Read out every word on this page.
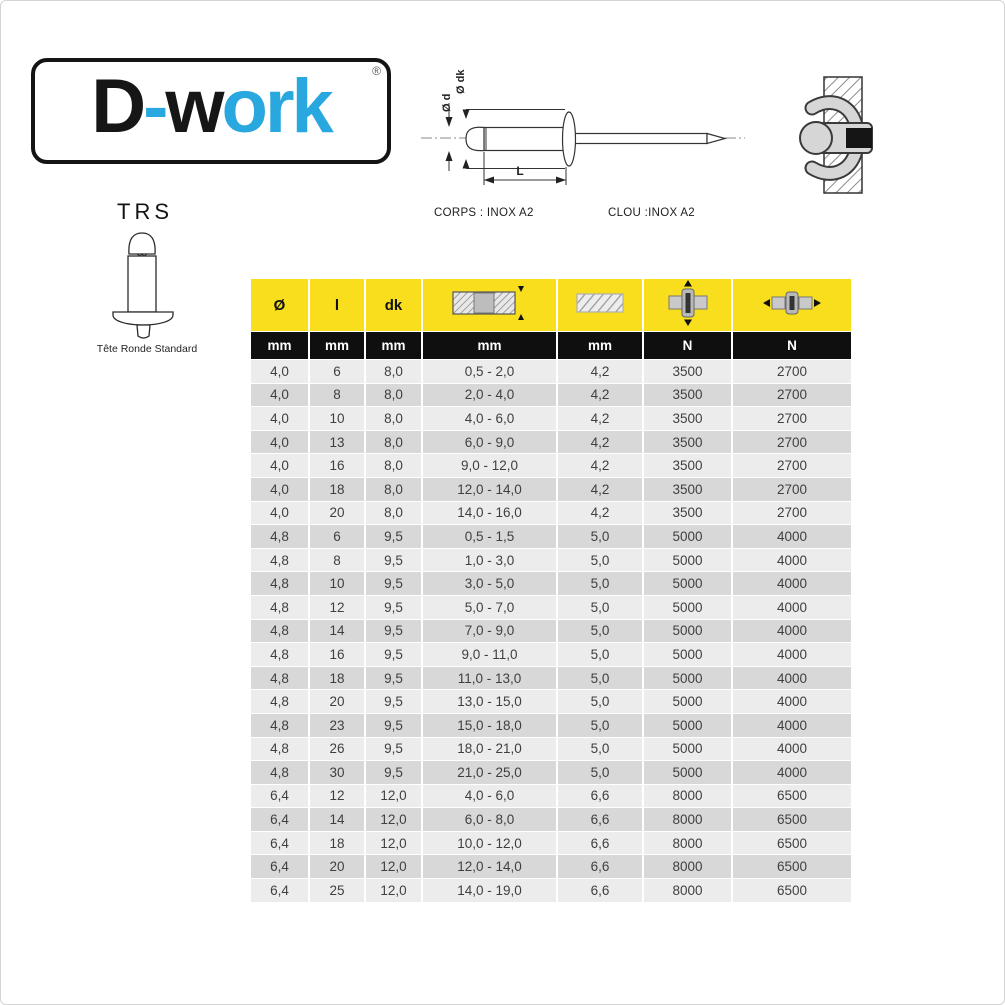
D-work	®
Ø d
Ø dk
L
CORPS : INOX A2	CLOU :INOX A2
TRS
Tête Ronde Standard
Ø	l	dk				
mm	mm	mm	mm	mm	N	N
4,0	6	8,0	0,5 - 2,0	4,2	3500	2700
4,0	8	8,0	2,0 - 4,0	4,2	3500	2700
4,0	10	8,0	4,0 - 6,0	4,2	3500	2700
4,0	13	8,0	6,0 - 9,0	4,2	3500	2700
4,0	16	8,0	9,0 - 12,0	4,2	3500	2700
4,0	18	8,0	12,0 - 14,0	4,2	3500	2700
4,0	20	8,0	14,0 - 16,0	4,2	3500	2700
4,8	6	9,5	0,5 - 1,5	5,0	5000	4000
4,8	8	9,5	1,0 - 3,0	5,0	5000	4000
4,8	10	9,5	3,0 - 5,0	5,0	5000	4000
4,8	12	9,5	5,0 - 7,0	5,0	5000	4000
4,8	14	9,5	7,0 - 9,0	5,0	5000	4000
4,8	16	9,5	9,0 - 11,0	5,0	5000	4000
4,8	18	9,5	11,0 - 13,0	5,0	5000	4000
4,8	20	9,5	13,0 - 15,0	5,0	5000	4000
4,8	23	9,5	15,0 - 18,0	5,0	5000	4000
4,8	26	9,5	18,0 - 21,0	5,0	5000	4000
4,8	30	9,5	21,0 - 25,0	5,0	5000	4000
6,4	12	12,0	4,0 - 6,0	6,6	8000	6500
6,4	14	12,0	6,0 - 8,0	6,6	8000	6500
6,4	18	12,0	10,0 - 12,0	6,6	8000	6500
6,4	20	12,0	12,0 - 14,0	6,6	8000	6500
6,4	25	12,0	14,0 - 19,0	6,6	8000	6500
